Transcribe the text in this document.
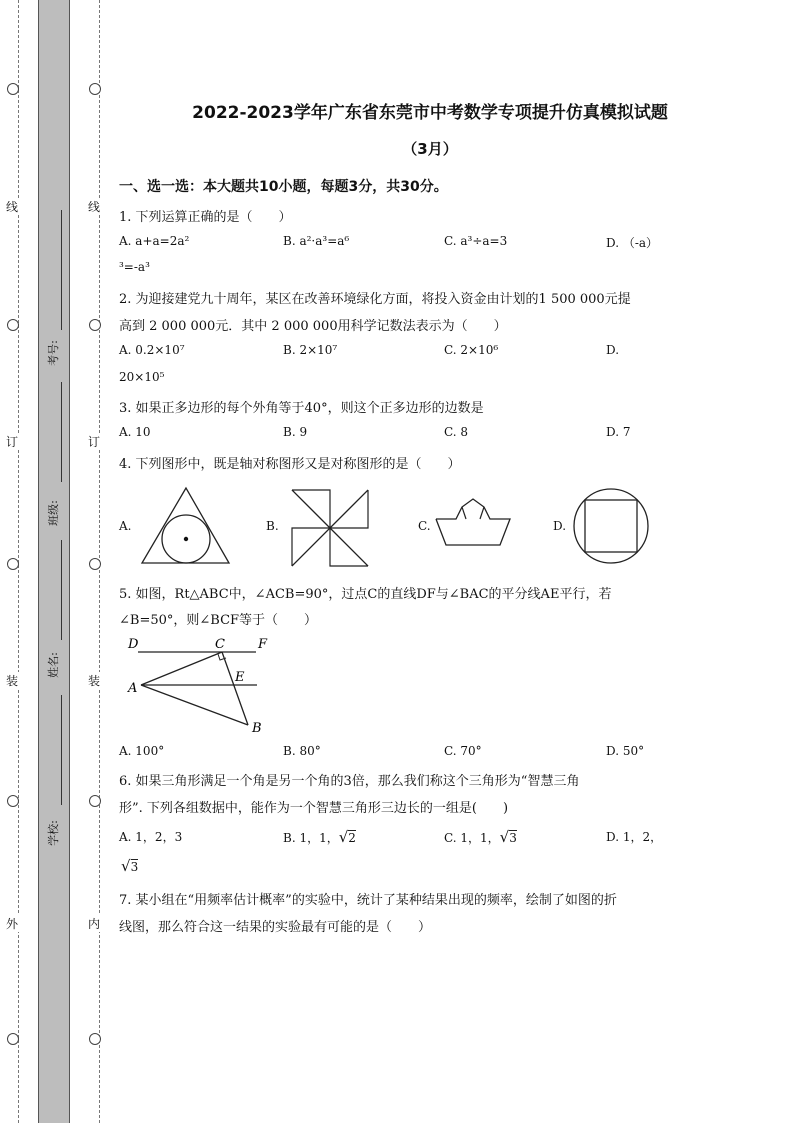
线
订
装
外
线
订
装
内
考号:
班级:
姓名:
学校:
2022-2023学年广东省东莞市中考数学专项提升仿真模拟试题
（3月）
一、选一选：本大题共10小题，每题3分，共30分。
1. 下列运算正确的是（　　）
A. a+a=2a²	B. a²·a³=a⁶	C. a³÷a=3	D. （-a）
³=-a³
2. 为迎接建党九十周年，某区在改善环境绿化方面，将投入资金由计划的1 500 000元提
高到 2 000 000元．其中 2 000 000用科学记数法表示为（　　）
A. 0.2×10⁷	B. 2×10⁷	C. 2×10⁶	D.
20×10⁵
3. 如果正多边形的每个外角等于40°，则这个正多边形的边数是
A. 10	B. 9	C. 8	D. 7
4. 下列图形中，既是轴对称图形又是对称图形的是（　　）
A.	B.	C.	D.
5. 如图，Rt△ABC中，∠ACB=90°，过点C的直线DF与∠BAC的平分线AE平行，若
∠B=50°，则∠BCF等于（　　）
D	C	F
A
E
B
A. 100°	B. 80°	C. 70°	D. 50°
6. 如果三角形满足一个角是另一个角的3倍，那么我们称这个三角形为“智慧三角
形”. 下列各组数据中，能作为一个智慧三角形三边长的一组是(　　)
A. 1，2，3	B. 1，1，√2	C. 1，1，√3	D. 1，2，
√3
7. 某小组在“用频率估计概率”的实验中，统计了某种结果出现的频率，绘制了如图的折
线图，那么符合这一结果的实验最有可能的是（　　）
